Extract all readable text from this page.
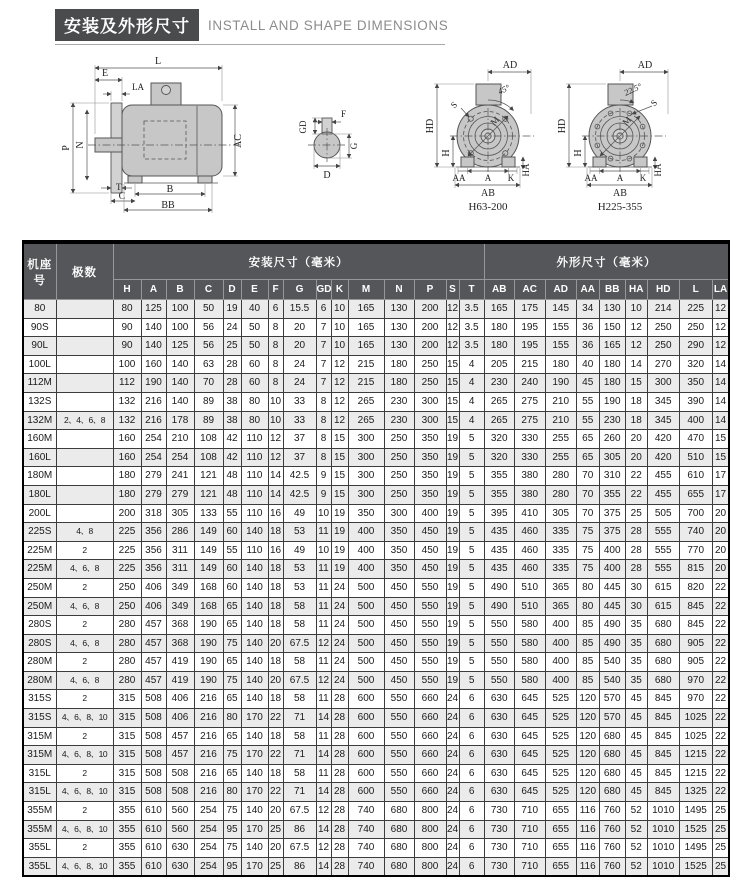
安装及外形尺寸 INSTALL AND SHAPE DIMENSIONS
L
E
LA
P N	AC
T	B
C
BB
F
GD
G
D
AD
45°
S
M
HD
H
AA A K
AB
HA
H63-200
AD
22.5°
S
M
HD
H
AA A K
AB
HA
H225-355
机座号	极数	安装尺寸（毫米）															外形尺寸（毫米）								
		H	A	B	C	D	E	F	G	GD	K	M	N	P	S	T	AB	AC	AD	AA	BB	HA	HD	L	LA
80		80	125	100	50	19	40	6	15.5	6	10	165	130	200	12	3.5	165	175	145	34	130	10	214	225	12
90S		90	140	100	56	24	50	8	20	7	10	165	130	200	12	3.5	180	195	155	36	150	12	250	250	12
90L		90	140	125	56	25	50	8	20	7	10	165	130	200	12	3.5	180	195	155	36	165	12	250	290	12
100L		100	160	140	63	28	60	8	24	7	12	215	180	250	15	4	205	215	180	40	180	14	270	320	14
112M		112	190	140	70	28	60	8	24	7	12	215	180	250	15	4	230	240	190	45	180	15	300	350	14
132S		132	216	140	89	38	80	10	33	8	12	265	230	300	15	4	265	275	210	55	190	18	345	390	14
132M	2、4、6、8	132	216	178	89	38	80	10	33	8	12	265	230	300	15	4	265	275	210	55	230	18	345	400	14
160M		160	254	210	108	42	110	12	37	8	15	300	250	350	19	5	320	330	255	65	260	20	420	470	15
160L		160	254	254	108	42	110	12	37	8	15	300	250	350	19	5	320	330	255	65	305	20	420	510	15
180M		180	279	241	121	48	110	14	42.5	9	15	300	250	350	19	5	355	380	280	70	310	22	455	610	17
180L		180	279	279	121	48	110	14	42.5	9	15	300	250	350	19	5	355	380	280	70	355	22	455	655	17
200L		200	318	305	133	55	110	16	49	10	19	350	300	400	19	5	395	410	305	70	375	25	505	700	20
225S	4、8	225	356	286	149	60	140	18	53	11	19	400	350	450	19	5	435	460	335	75	375	28	555	740	20
225M	2	225	356	311	149	55	110	16	49	10	19	400	350	450	19	5	435	460	335	75	400	28	555	770	20
225M	4、6、8	225	356	311	149	60	140	18	53	11	19	400	350	450	19	5	435	460	335	75	400	28	555	815	20
250M	2	250	406	349	168	60	140	18	53	11	24	500	450	550	19	5	490	510	365	80	445	30	615	820	22
250M	4、6、8	250	406	349	168	65	140	18	58	11	24	500	450	550	19	5	490	510	365	80	445	30	615	845	22
280S	2	280	457	368	190	65	140	18	58	11	24	500	450	550	19	5	550	580	400	85	490	35	680	845	22
280S	4、6、8	280	457	368	190	75	140	20	67.5	12	24	500	450	550	19	5	550	580	400	85	490	35	680	905	22
280M	2	280	457	419	190	65	140	18	58	11	24	500	450	550	19	5	550	580	400	85	540	35	680	905	22
280M	4、6、8	280	457	419	190	75	140	20	67.5	12	24	500	450	550	19	5	550	580	400	85	540	35	680	970	22
315S	2	315	508	406	216	65	140	18	58	11	28	600	550	660	24	6	630	645	525	120	570	45	845	970	22
315S	4、6、8、10	315	508	406	216	80	170	22	71	14	28	600	550	660	24	6	630	645	525	120	570	45	845	1025	22
315M	2	315	508	457	216	65	140	18	58	11	28	600	550	660	24	6	630	645	525	120	680	45	845	1025	22
315M	4、6、8、10	315	508	457	216	75	170	22	71	14	28	600	550	660	24	6	630	645	525	120	680	45	845	1215	22
315L	2	315	508	508	216	65	140	18	58	11	28	600	550	660	24	6	630	645	525	120	680	45	845	1215	22
315L	4、6、8、10	315	508	508	216	80	170	22	71	14	28	600	550	660	24	6	630	645	525	120	680	45	845	1325	22
355M	2	355	610	560	254	75	140	20	67.5	12	28	740	680	800	24	6	730	710	655	116	760	52	1010	1495	25
355M	4、6、8、10	355	610	560	254	95	170	25	86	14	28	740	680	800	24	6	730	710	655	116	760	52	1010	1525	25
355L	2	355	610	630	254	75	140	20	67.5	12	28	740	680	800	24	6	730	710	655	116	760	52	1010	1495	25
355L	4、6、8、10	355	610	630	254	95	170	25	86	14	28	740	680	800	24	6	730	710	655	116	760	52	1010	1525	25
